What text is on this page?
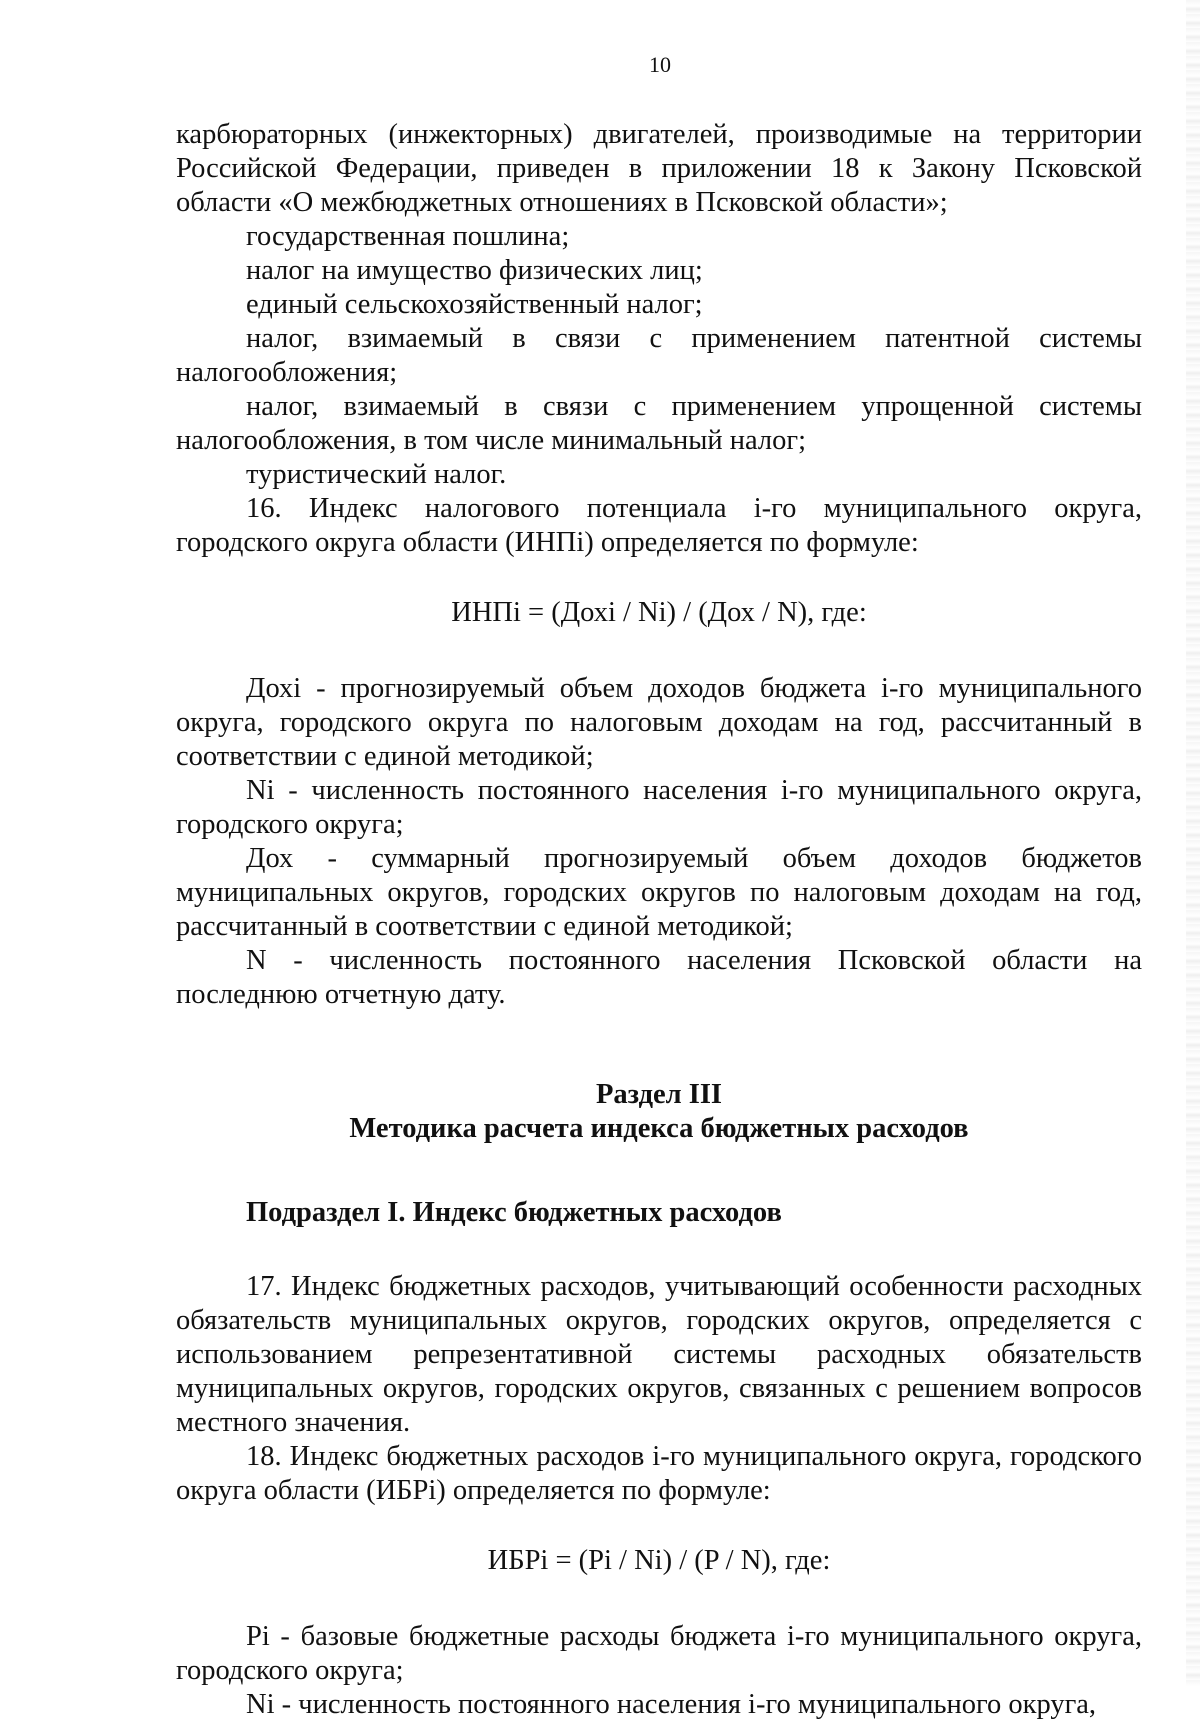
10

карбюраторных (инжекторных) двигателей, производимые на территории Российской Федерации, приведен в приложении 18 к Закону Псковской области «О межбюджетных отношениях в Псковской области»;

государственная пошлина;

налог на имущество физических лиц;

единый сельскохозяйственный налог;

налог, взимаемый в связи с применением патентной системы налогообложения;

налог, взимаемый в связи с применением упрощенной системы налогообложения, в том числе минимальный налог;

туристический налог.

16. Индекс налогового потенциала i-го муниципального округа, городского округа области (ИНПi) определяется по формуле:

ИНПi = (Дохi / Ni) / (Дох / N), где:

Дохi - прогнозируемый объем доходов бюджета i-го муниципального округа, городского округа по налоговым доходам на год, рассчитанный в соответствии с единой методикой;

Ni - численность постоянного населения i-го муниципального округа, городского округа;

Дох - суммарный прогнозируемый объем доходов бюджетов муниципальных округов, городских округов по налоговым доходам на год, рассчитанный в соответствии с единой методикой;

N - численность постоянного населения Псковской области на последнюю отчетную дату.

Раздел III

Методика расчета индекса бюджетных расходов

Подраздел I. Индекс бюджетных расходов

17. Индекс бюджетных расходов, учитывающий особенности расходных обязательств муниципальных округов, городских округов, определяется с использованием репрезентативной системы расходных обязательств муниципальных округов, городских округов, связанных с решением вопросов местного значения.

18. Индекс бюджетных расходов i-го муниципального округа, городского округа области (ИБРi) определяется по формуле:

ИБРi = (Pi / Ni) / (P / N), где:

Pi - базовые бюджетные расходы бюджета i-го муниципального округа, городского округа;

Ni - численность постоянного населения i-го муниципального округа,
